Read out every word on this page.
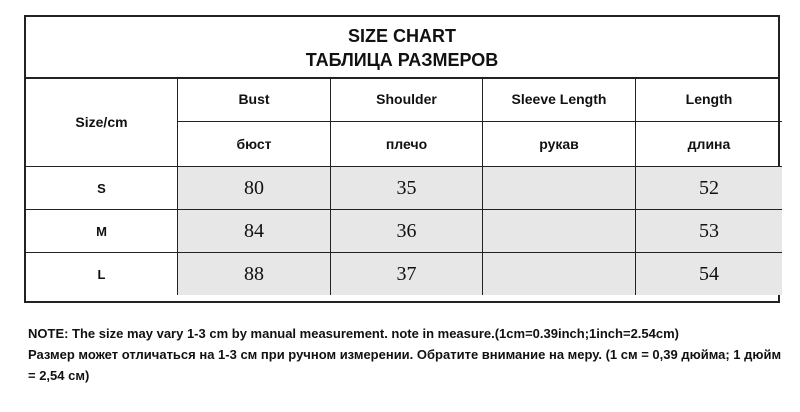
SIZE CHART
ТАБЛИЦА РАЗМЕРОВ
Size/cm	Bust	Shoulder	Sleeve Length	Length
	бюст	плечо	рукав	длина
S	80	35		52
M	84	36		53
L	88	37		54

NOTE: The size may vary 1-3 cm by manual measurement. note in measure.(1cm=0.39inch;1inch=2.54cm)

Размер может отличаться на 1-3 см при ручном измерении. Обратите внимание на меру. (1 см = 0,39 дюйма; 1 дюйм = 2,54 см)
